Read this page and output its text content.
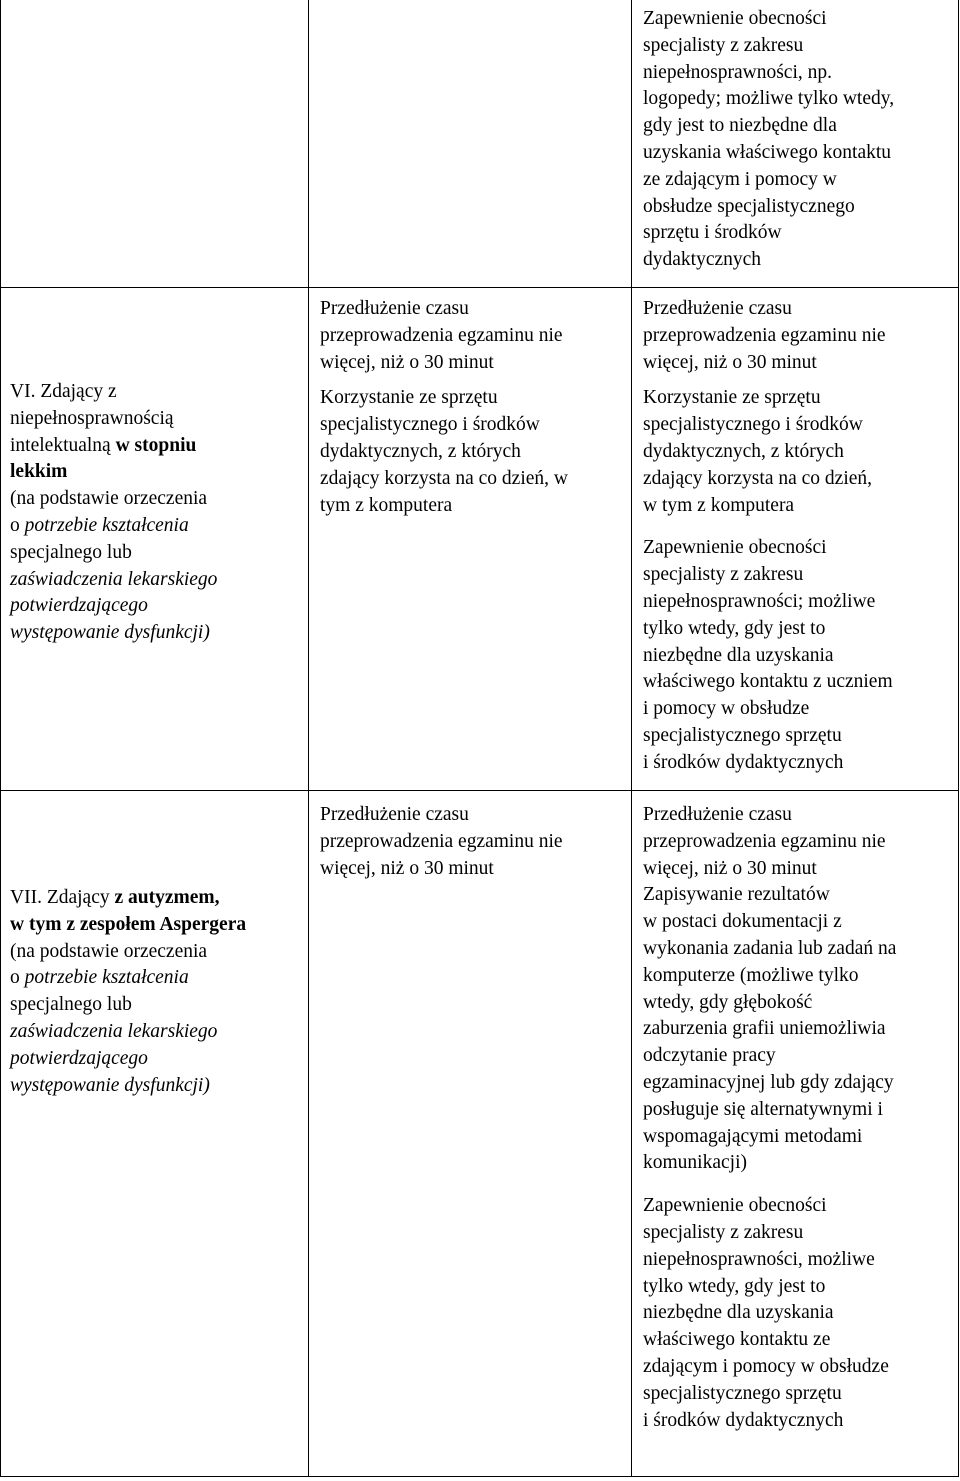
Zapewnienie obecności
specjalisty z zakresu
niepełnosprawności, np.
logopedy; możliwe tylko wtedy,
gdy jest to niezbędne dla
uzyskania właściwego kontaktu
ze zdającym i pomocy w
obsłudze specjalistycznego
sprzętu i środków
dydaktycznych
VI. Zdający z
niepełnosprawnością
intelektualną w stopniu
lekkim
(na podstawie orzeczenia
o potrzebie kształcenia
specjalnego lub
zaświadczenia lekarskiego
potwierdzającego
występowanie dysfunkcji)
Przedłużenie czasu
przeprowadzenia egzaminu nie
więcej, niż o 30 minut
Korzystanie ze sprzętu
specjalistycznego i środków
dydaktycznych, z których
zdający korzysta na co dzień, w
tym z komputera
Przedłużenie czasu
przeprowadzenia egzaminu nie
więcej, niż o 30 minut
Korzystanie ze sprzętu
specjalistycznego i środków
dydaktycznych, z których
zdający korzysta na co dzień,
w tym z komputera
Zapewnienie obecności
specjalisty z zakresu
niepełnosprawności; możliwe
tylko wtedy, gdy jest to
niezbędne dla uzyskania
właściwego kontaktu z uczniem
i pomocy w obsłudze
specjalistycznego sprzętu
i środków dydaktycznych
VII. Zdający z autyzmem,
w tym z zespołem Aspergera
(na podstawie orzeczenia
o potrzebie kształcenia
specjalnego lub
zaświadczenia lekarskiego
potwierdzającego
występowanie dysfunkcji)
Przedłużenie czasu
przeprowadzenia egzaminu nie
więcej, niż o 30 minut
Przedłużenie czasu
przeprowadzenia egzaminu nie
więcej, niż o 30 minut
Zapisywanie rezultatów
w postaci dokumentacji z
wykonania zadania lub zadań na
komputerze (możliwe tylko
wtedy, gdy głębokość
zaburzenia grafii uniemożliwia
odczytanie pracy
egzaminacyjnej lub gdy zdający
posługuje się alternatywnymi i
wspomagającymi metodami
komunikacji)
Zapewnienie obecności
specjalisty z zakresu
niepełnosprawności, możliwe
tylko wtedy, gdy jest to
niezbędne dla uzyskania
właściwego kontaktu ze
zdającym i pomocy w obsłudze
specjalistycznego sprzętu
i środków dydaktycznych
